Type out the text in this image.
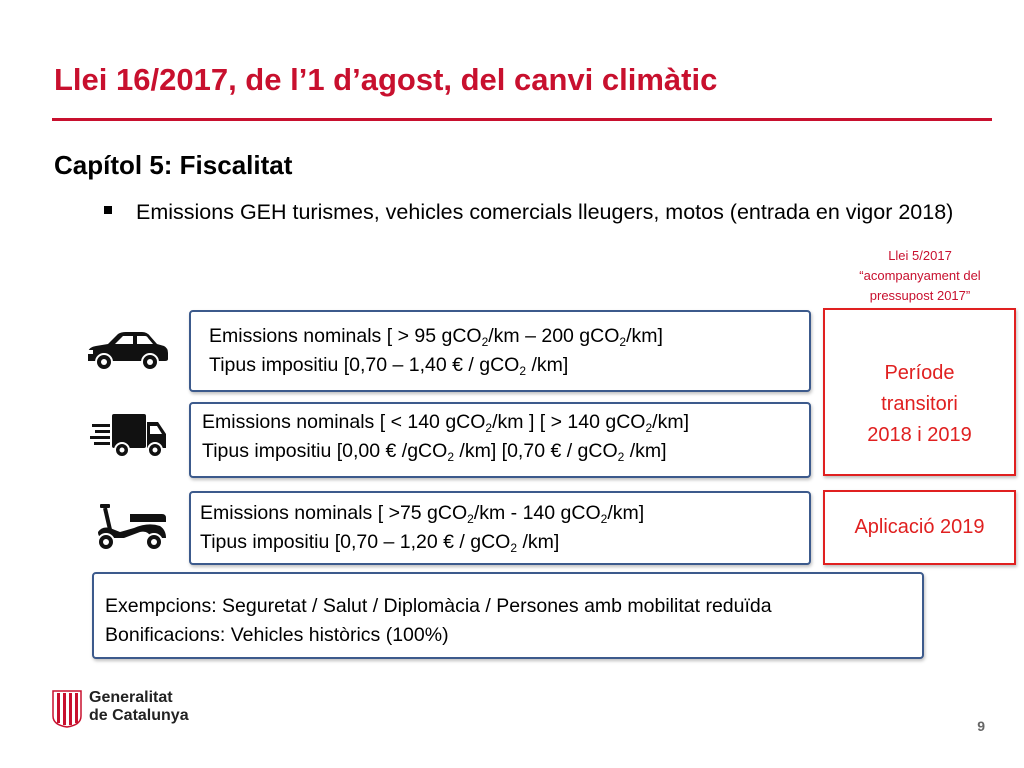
Llei 16/2017, de l’1 d’agost, del canvi climàtic
Capítol 5: Fiscalitat
Emissions GEH turismes, vehicles comercials lleugers, motos (entrada en vigor 2018)
Llei 5/2017
“acompanyament del
pressupost 2017”
Emissions nominals [ > 95 gCO$_2$/km – 200 gCO$_2$/km]
Tipus impositiu [0,70 – 1,40 € / gCO$_2$ /km]
Emissions nominals [ < 140 gCO$_2$/km ] [ > 140 gCO$_2$/km]
Tipus impositiu [0,00 € /gCO$_2$ /km] [0,70 € / gCO$_2$ /km]
Emissions nominals [ >75 gCO$_2$/km - 140 gCO$_2$/km]
Tipus impositiu [0,70 – 1,20 € / gCO$_2$ /km]
Exempcions: Seguretat / Salut / Diplomàcia / Persones amb mobilitat reduïda
Bonificacions: Vehicles històrics (100%)
Període
transitori
2018 i 2019
Aplicació 2019
Generalitat
de Catalunya
9
